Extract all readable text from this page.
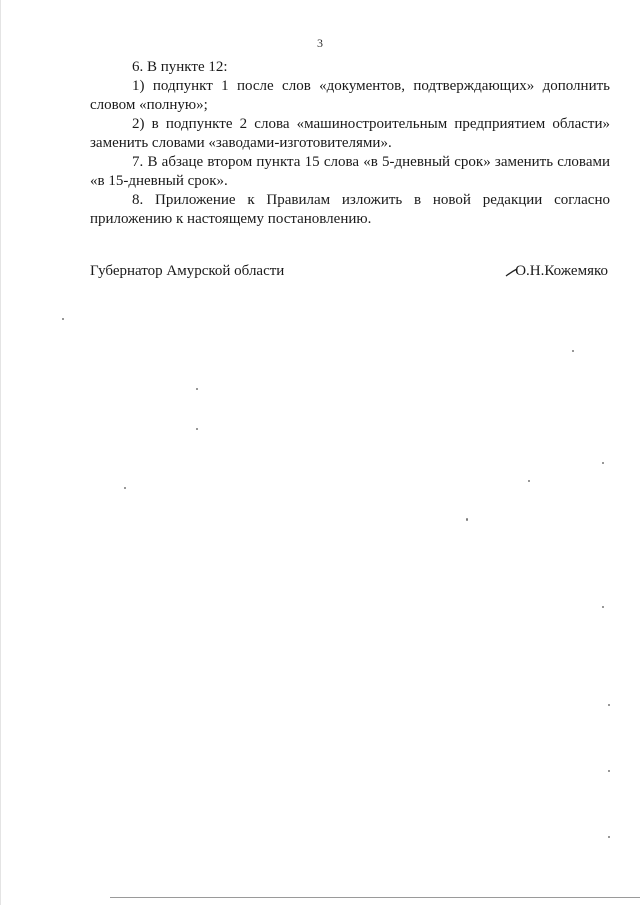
3

6. В пункте 12:

1) подпункт 1 после слов «документов, подтверждающих» дополнить словом «полную»;

2) в подпункте 2 слова «машиностроительным предприятием области» заменить словами «заводами-изготовителями».

7. В абзаце втором пункта 15 слова «в 5-дневный срок» заменить словами «в 15-дневный срок».

8. Приложение к Правилам изложить в новой редакции согласно приложению к настоящему постановлению.

Губернатор Амурской области	О.Н.Кожемяко
